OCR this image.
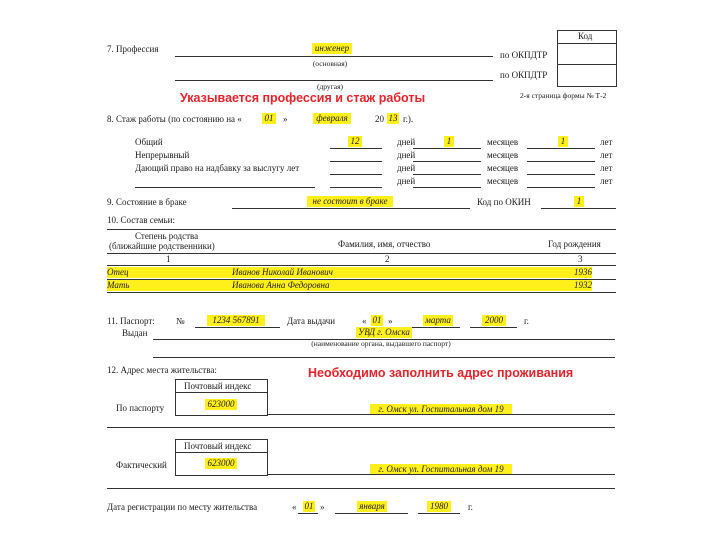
Код
по ОКПДТР
по ОКПДТР
7. Профессия	инженер
(основная)
(другая)
2-я страница формы № Т-2
Указывается профессия и стаж работы
8. Стаж работы (по состоянию на «	01 »	февраля	20 13 г.).
Общий	12	дней	1	месяцев	1	лет
Непрерывный	дней	месяцев	лет
Дающий право на надбавку за выслугу лет	дней	месяцев	лет
дней	месяцев	лет
9. Состояние в браке	не состоит в браке	Код по ОКИН	1
10. Состав семьи:
Степень родства
(ближайшие родственники)	Фамилия, имя, отчество	Год рождения
1	2	3
Отец	Иванов Николай Иванович	1936
Мать	Иванова Анна Федоровна	1932
11. Паспорт: №	1234 567891	Дата выдачи	« 01 »	марта	2000	г.
Выдан	УВД г. Омска
(наименование органа, выдавшего паспорт)
12. Адрес места жительства:	Необходимо заполнить адрес проживания
Почтовый индекс
По паспорту	623000	г. Омск ул. Госпитальная дом 19
Почтовый индекс
Фактический	623000
г. Омск ул. Госпитальная дом 19
Дата регистрации по месту жительства	« 01 »	января	1980	г.
